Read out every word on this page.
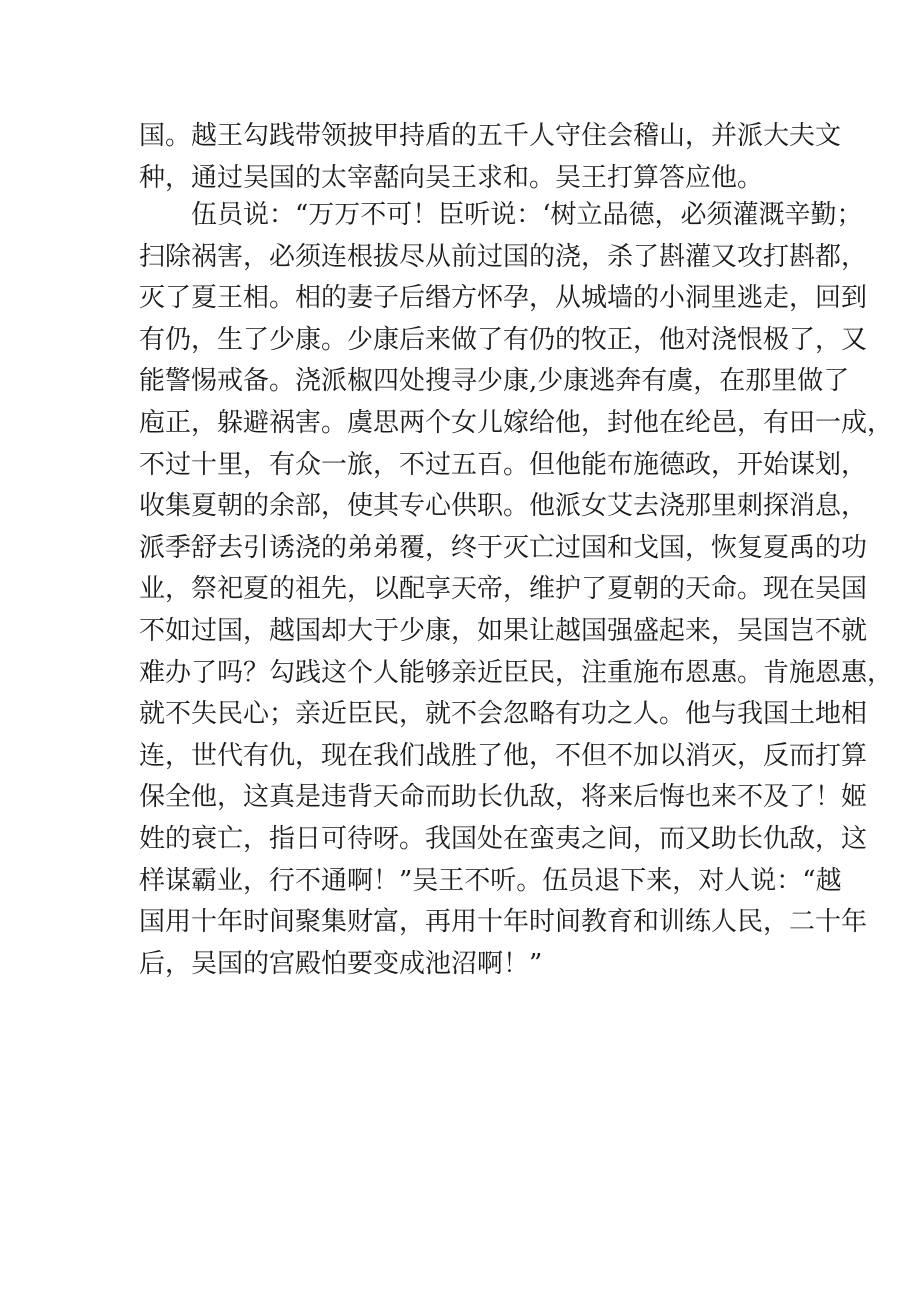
国。越王勾践带领披甲持盾的五千人守住会稽山，并派大夫文
种，通过吴国的太宰嚭向吴王求和。吴王打算答应他。
伍员说：“万万不可！臣听说：‘树立品德，必须灌溉辛勤；
扫除祸害，必须连根拔尽从前过国的浇，杀了斟灌又攻打斟都，
灭了夏王相。相的妻子后缗方怀孕，从城墙的小洞里逃走，回到
有仍，生了少康。少康后来做了有仍的牧正，他对浇恨极了，又
能警惕戒备。浇派椒四处搜寻少康,少康逃奔有虞，在那里做了
庖正，躲避祸害。虞思两个女儿嫁给他，封他在纶邑，有田一成，
不过十里，有众一旅，不过五百。但他能布施德政，开始谋划，
收集夏朝的余部，使其专心供职。他派女艾去浇那里刺探消息，
派季舒去引诱浇的弟弟覆，终于灭亡过国和戈国，恢复夏禹的功
业，祭祀夏的祖先，以配享天帝，维护了夏朝的天命。现在吴国
不如过国，越国却大于少康，如果让越国强盛起来，吴国岂不就
难办了吗？勾践这个人能够亲近臣民，注重施布恩惠。肯施恩惠，
就不失民心；亲近臣民，就不会忽略有功之人。他与我国土地相
连，世代有仇，现在我们战胜了他，不但不加以消灭，反而打算
保全他，这真是违背天命而助长仇敌，将来后悔也来不及了！姬
姓的衰亡，指日可待呀。我国处在蛮夷之间，而又助长仇敌，这
样谋霸业，行不通啊！”吴王不听。伍员退下来，对人说：“越
国用十年时间聚集财富，再用十年时间教育和训练人民，二十年
后，吴国的宫殿怕要变成池沼啊！”
